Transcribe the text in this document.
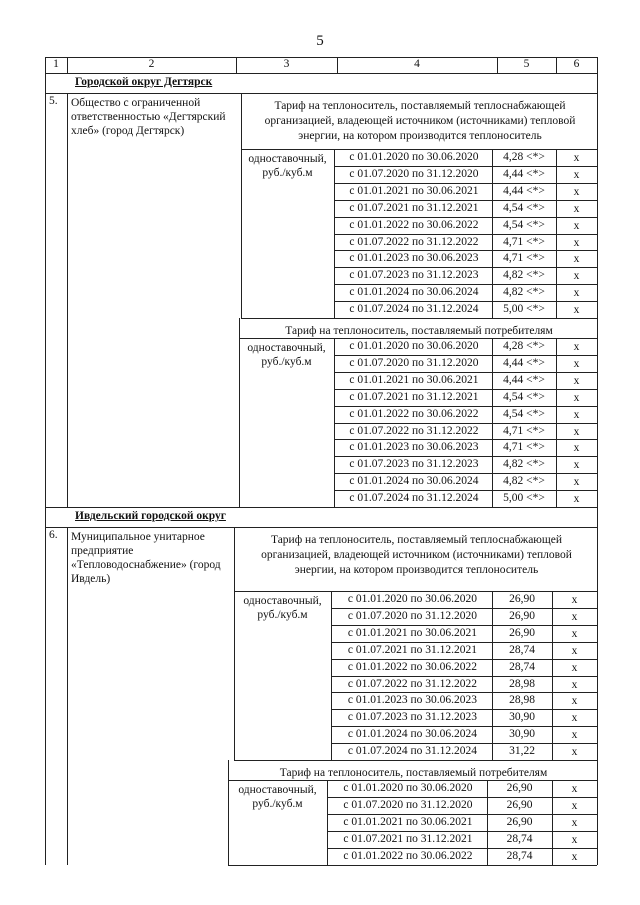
5
1	2	3	4	5	6
Городской округ Дегтярск
5.	Общество с ограниченной ответственностью «Дегтярский хлеб» (город Дегтярск)
Тариф на теплоноситель, поставляемый теплоснабжающей организацией, владеющей источником (источниками) тепловой энергии, на котором производится теплоноситель
с 01.01.2020 по 30.06.2020	4,28 <*>	х
с 01.07.2020 по 31.12.2020	4,44 <*>	х
с 01.01.2021 по 30.06.2021	4,44 <*>	х
с 01.07.2021 по 31.12.2021	4,54 <*>	х
с 01.01.2022 по 30.06.2022	4,54 <*>	х
с 01.07.2022 по 31.12.2022	4,71 <*>	х
с 01.01.2023 по 30.06.2023	4,71 <*>	х
с 01.07.2023 по 31.12.2023	4,82 <*>	х
с 01.01.2024 по 30.06.2024	4,82 <*>	х
с 01.07.2024 по 31.12.2024	5,00 <*>	х
одноставочный, руб./куб.м
Тариф на теплоноситель, поставляемый потребителям
с 01.01.2020 по 30.06.2020	4,28 <*>	х
с 01.07.2020 по 31.12.2020	4,44 <*>	х
с 01.01.2021 по 30.06.2021	4,44 <*>	х
с 01.07.2021 по 31.12.2021	4,54 <*>	х
с 01.01.2022 по 30.06.2022	4,54 <*>	х
с 01.07.2022 по 31.12.2022	4,71 <*>	х
с 01.01.2023 по 30.06.2023	4,71 <*>	х
с 01.07.2023 по 31.12.2023	4,82 <*>	х
с 01.01.2024 по 30.06.2024	4,82 <*>	х
с 01.07.2024 по 31.12.2024	5,00 <*>	х
одноставочный, руб./куб.м
Ивдельский городской округ
6.	Муниципальное унитарное предприятие «Тепловодоснабжение» (город Ивдель)
Тариф на теплоноситель, поставляемый теплоснабжающей организацией, владеющей источником (источниками) тепловой энергии, на котором производится теплоноситель
с 01.01.2020 по 30.06.2020	26,90	х
с 01.07.2020 по 31.12.2020	26,90	х
с 01.01.2021 по 30.06.2021	26,90	х
с 01.07.2021 по 31.12.2021	28,74	х
с 01.01.2022 по 30.06.2022	28,74	х
с 01.07.2022 по 31.12.2022	28,98	х
с 01.01.2023 по 30.06.2023	28,98	х
с 01.07.2023 по 31.12.2023	30,90	х
с 01.01.2024 по 30.06.2024	30,90	х
с 01.07.2024 по 31.12.2024	31,22	х
одноставочный, руб./куб.м
Тариф на теплоноситель, поставляемый потребителям
с 01.01.2020 по 30.06.2020	26,90	х
с 01.07.2020 по 31.12.2020	26,90	х
с 01.01.2021 по 30.06.2021	26,90	х
с 01.07.2021 по 31.12.2021	28,74	х
с 01.01.2022 по 30.06.2022	28,74	х
одноставочный, руб./куб.м
